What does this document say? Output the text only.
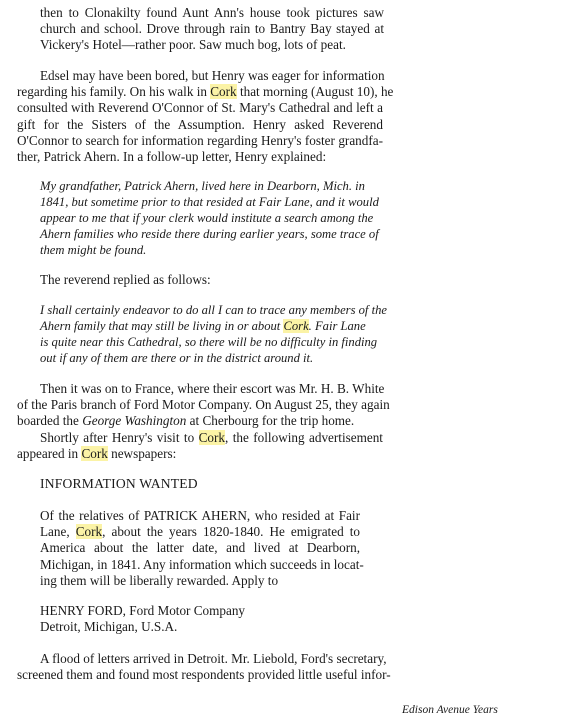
then to Clonakilty found Aunt Ann's house took pictures saw
church and school. Drove through rain to Bantry Bay stayed at
Vickery's Hotel—rather poor. Saw much bog, lots of peat.
Edsel may have been bored, but Henry was eager for information
regarding his family. On his walk in Cork that morning (August 10), he
consulted with Reverend O'Connor of St. Mary's Cathedral and left a
gift for the Sisters of the Assumption. Henry asked Reverend
O'Connor to search for information regarding Henry's foster grandfa-
ther, Patrick Ahern. In a follow-up letter, Henry explained:
My grandfather, Patrick Ahern, lived here in Dearborn, Mich. in
1841, but sometime prior to that resided at Fair Lane, and it would
appear to me that if your clerk would institute a search among the
Ahern families who reside there during earlier years, some trace of
them might be found.
The reverend replied as follows:
I shall certainly endeavor to do all I can to trace any members of the
Ahern family that may still be living in or about Cork. Fair Lane
is quite near this Cathedral, so there will be no difficulty in finding
out if any of them are there or in the district around it.
Then it was on to France, where their escort was Mr. H. B. White
of the Paris branch of Ford Motor Company. On August 25, they again
boarded the George Washington at Cherbourg for the trip home.
Shortly after Henry's visit to Cork, the following advertisement
appeared in Cork newspapers:
INFORMATION WANTED
Of the relatives of PATRICK AHERN, who resided at Fair
Lane, Cork, about the years 1820-1840. He emigrated to
America about the latter date, and lived at Dearborn,
Michigan, in 1841. Any information which succeeds in locat-
ing them will be liberally rewarded. Apply to
HENRY FORD, Ford Motor Company
Detroit, Michigan, U.S.A.
A flood of letters arrived in Detroit. Mr. Liebold, Ford's secretary,
screened them and found most respondents provided little useful infor-
Edison Avenue Years
